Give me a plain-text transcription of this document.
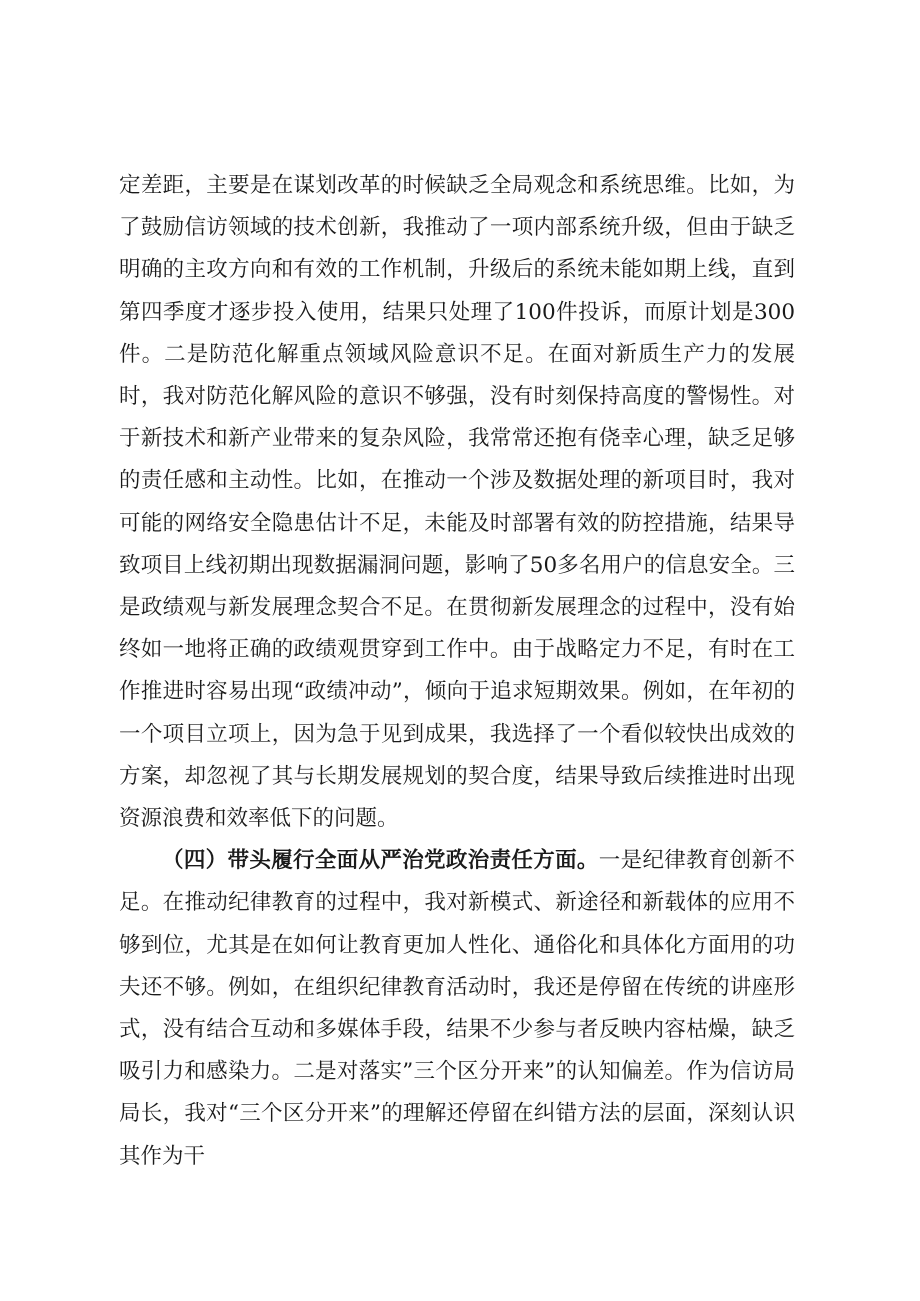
定差距，主要是在谋划改革的时候缺乏全局观念和系统思维。比如，为了鼓励信访领域的技术创新，我推动了一项内部系统升级，但由于缺乏明确的主攻方向和有效的工作机制，升级后的系统未能如期上线，直到第四季度才逐步投入使用，结果只处理了100件投诉，而原计划是300件。二是防范化解重点领域风险意识不足。在面对新质生产力的发展时，我对防范化解风险的意识不够强，没有时刻保持高度的警惕性。对于新技术和新产业带来的复杂风险，我常常还抱有侥幸心理，缺乏足够的责任感和主动性。比如，在推动一个涉及数据处理的新项目时，我对可能的网络安全隐患估计不足，未能及时部署有效的防控措施，结果导致项目上线初期出现数据漏洞问题，影响了50多名用户的信息安全。三是政绩观与新发展理念契合不足。在贯彻新发展理念的过程中，没有始终如一地将正确的政绩观贯穿到工作中。由于战略定力不足，有时在工作推进时容易出现“政绩冲动”，倾向于追求短期效果。例如，在年初的一个项目立项上，因为急于见到成果，我选择了一个看似较快出成效的方案，却忽视了其与长期发展规划的契合度，结果导致后续推进时出现资源浪费和效率低下的问题。

（四）带头履行全面从严治党政治责任方面。一是纪律教育创新不足。在推动纪律教育的过程中，我对新模式、新途径和新载体的应用不够到位，尤其是在如何让教育更加人性化、通俗化和具体化方面用的功夫还不够。例如，在组织纪律教育活动时，我还是停留在传统的讲座形式，没有结合互动和多媒体手段，结果不少参与者反映内容枯燥，缺乏吸引力和感染力。二是对落实”三个区分开来”的认知偏差。作为信访局局长，我对“三个区分开来”的理解还停留在纠错方法的层面，深刻认识其作为干
